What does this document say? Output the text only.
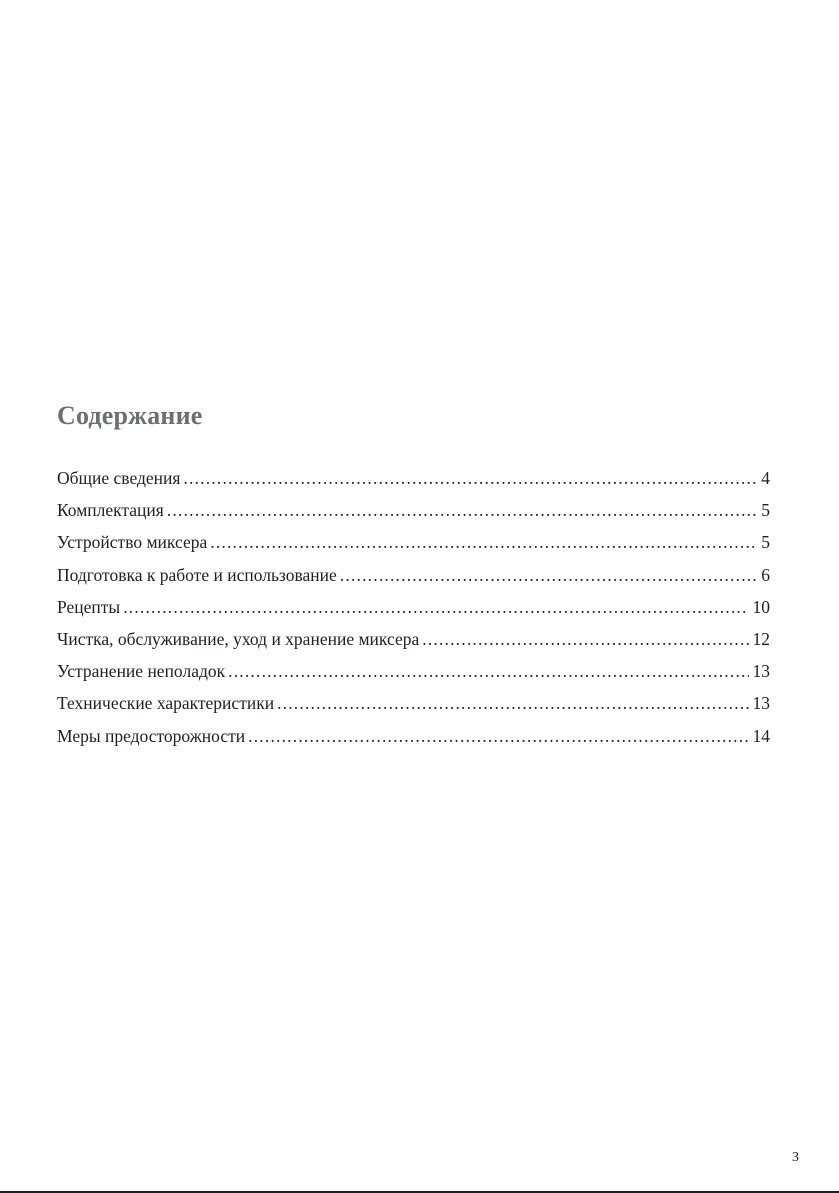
Содержание
Общие сведения .....	4
Комплектация .....	5
Устройство миксера .....	5
Подготовка к работе и использование .....	6
Рецепты .....	10
Чистка, обслуживание, уход и хранение миксера .....	12
Устранение неполадок .....	13
Технические характеристики .....	13
Меры предосторожности .....	14
3
